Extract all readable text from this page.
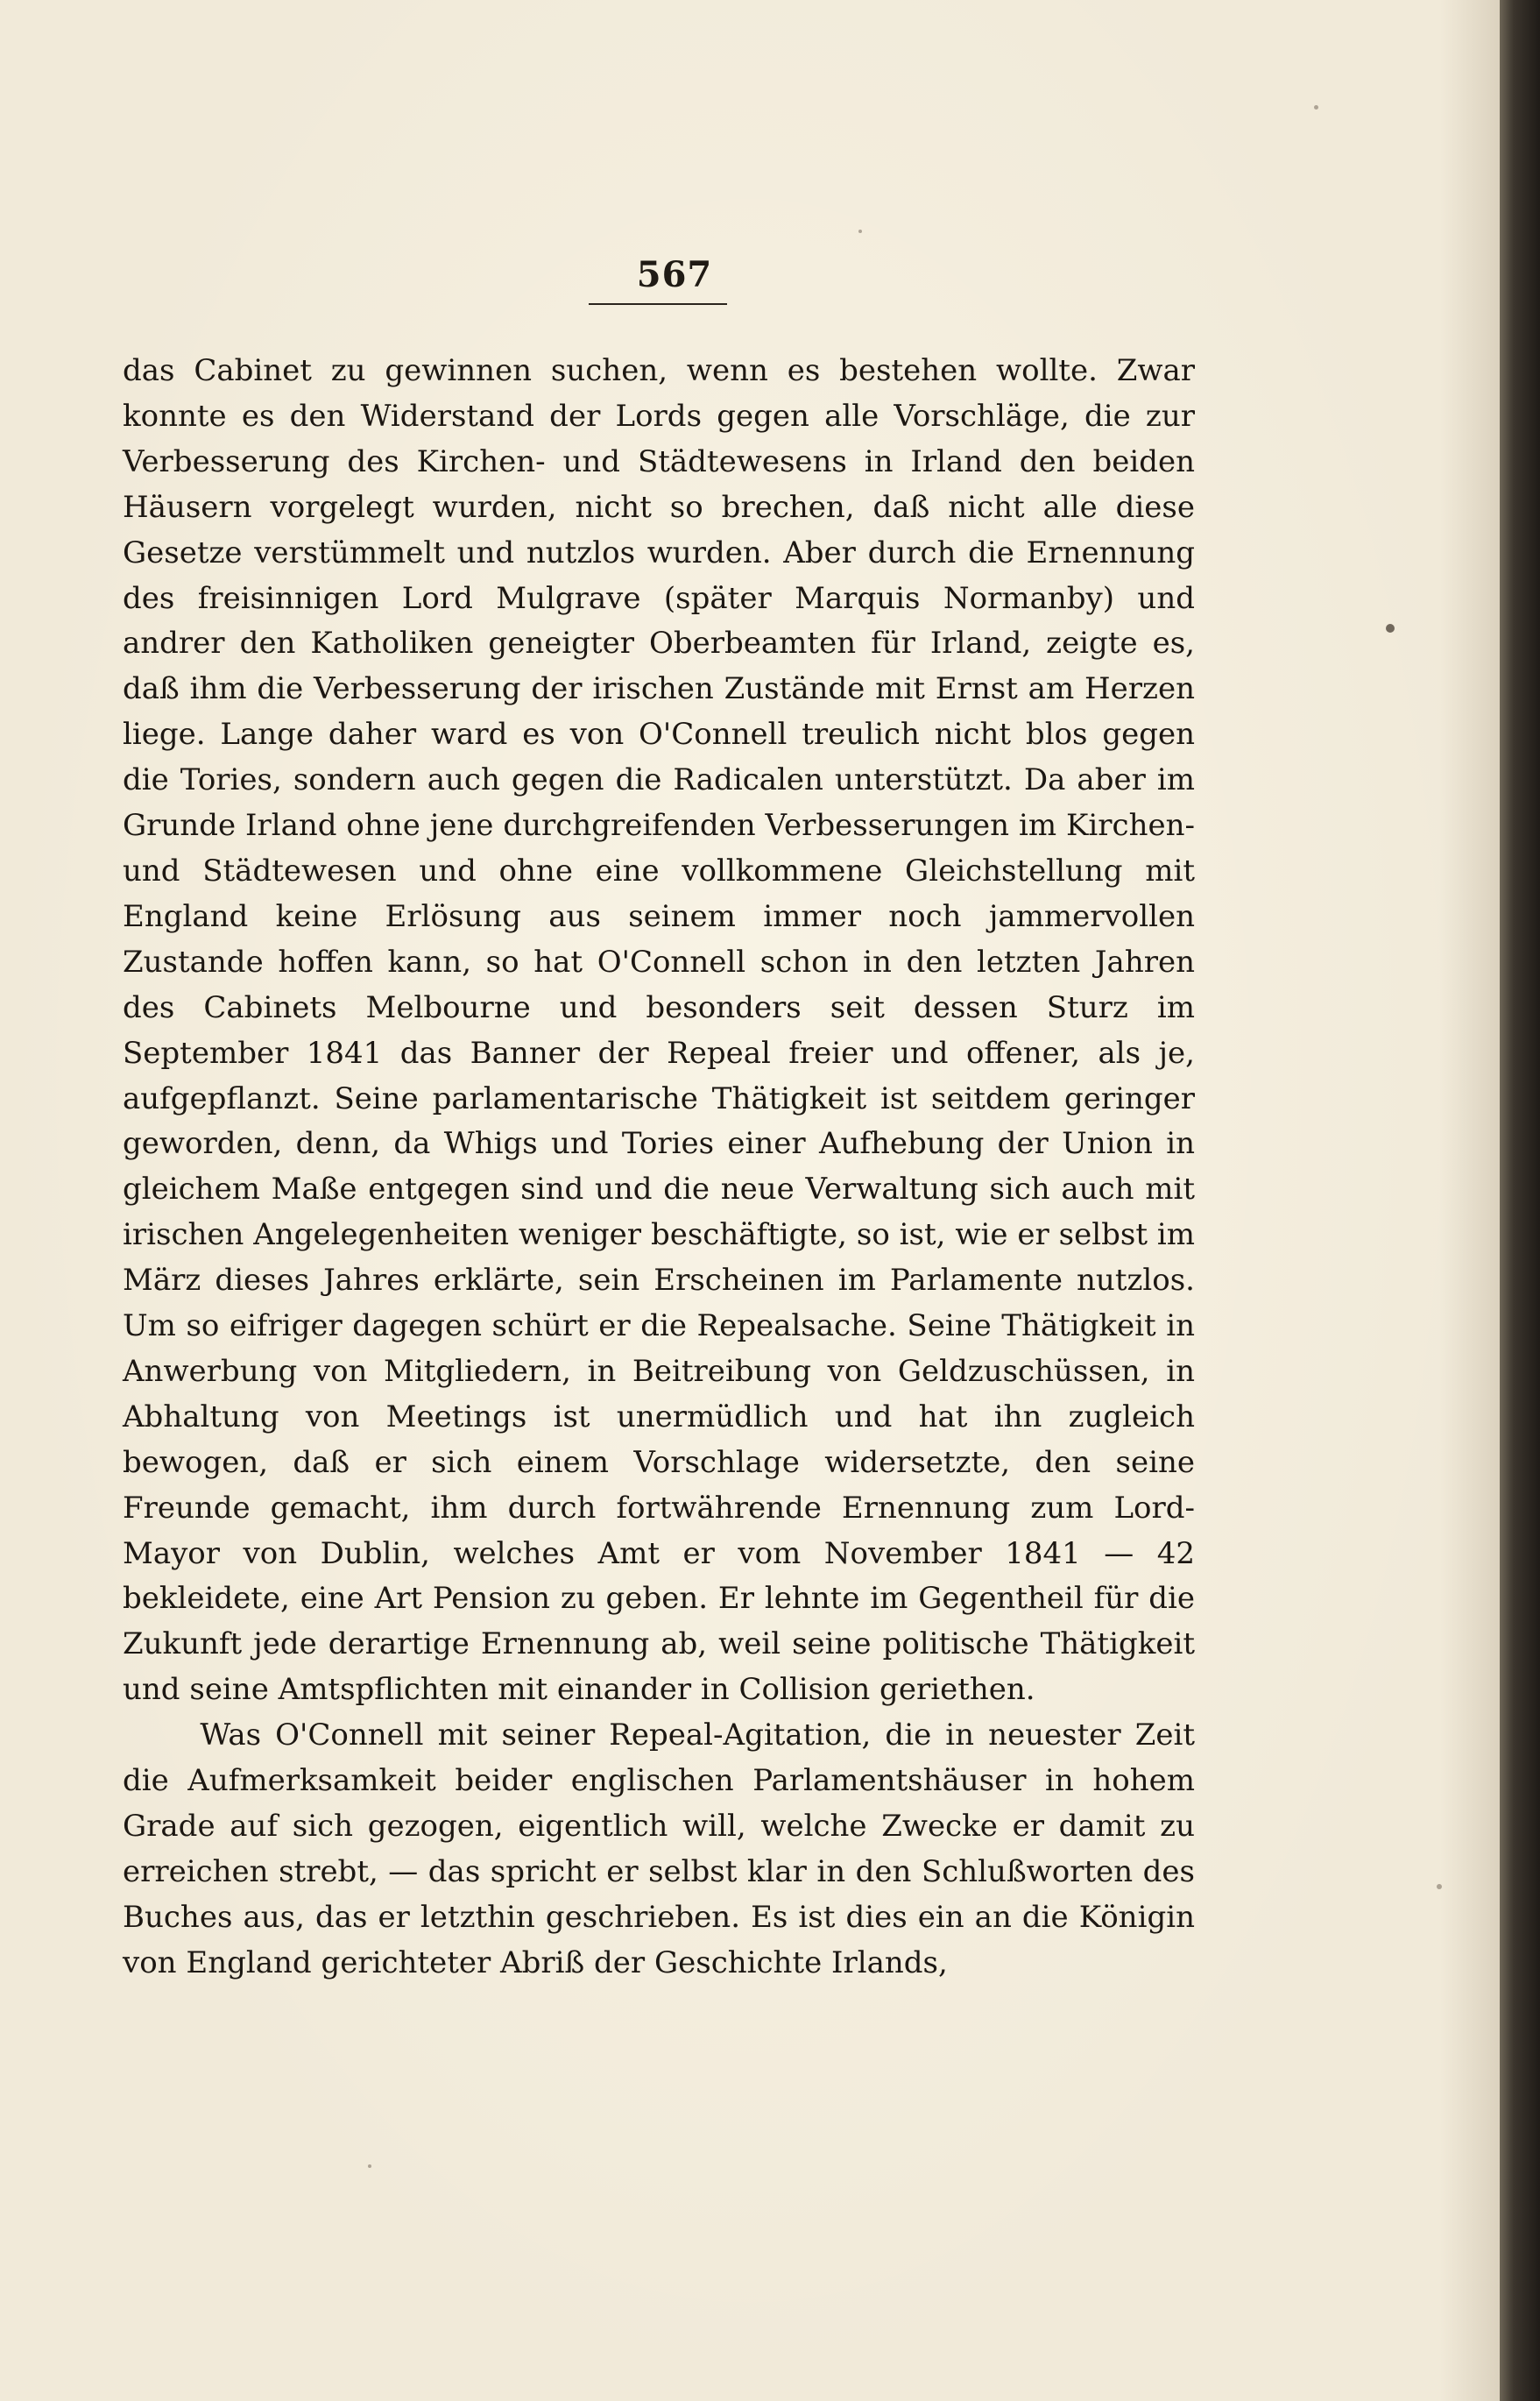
567

das Cabinet zu gewinnen suchen, wenn es bestehen wollte. Zwar konnte es den Widerstand der Lords gegen alle Vorschläge, die zur Verbesserung des Kirchen- und Städtewesens in Irland den beiden Häusern vorgelegt wurden, nicht so brechen, daß nicht alle diese Gesetze verstümmelt und nutzlos wurden. Aber durch die Ernennung des freisinnigen Lord Mulgrave (später Marquis Normanby) und andrer den Katholiken geneigter Oberbeamten für Irland, zeigte es, daß ihm die Verbesserung der irischen Zustände mit Ernst am Herzen liege. Lange daher ward es von O'Connell treulich nicht blos gegen die Tories, sondern auch gegen die Radicalen unterstützt. Da aber im Grunde Irland ohne jene durchgreifenden Verbesserungen im Kirchen- und Städtewesen und ohne eine vollkommene Gleichstellung mit England keine Erlösung aus seinem immer noch jammervollen Zustande hoffen kann, so hat O'Connell schon in den letzten Jahren des Cabinets Melbourne und besonders seit dessen Sturz im September 1841 das Banner der Repeal freier und offener, als je, aufgepflanzt. Seine parlamentarische Thätigkeit ist seitdem geringer geworden, denn, da Whigs und Tories einer Aufhebung der Union in gleichem Maße entgegen sind und die neue Verwaltung sich auch mit irischen Angelegenheiten weniger beschäftigte, so ist, wie er selbst im März dieses Jahres erklärte, sein Erscheinen im Parlamente nutzlos. Um so eifriger dagegen schürt er die Repealsache. Seine Thätigkeit in Anwerbung von Mitgliedern, in Beitreibung von Geldzuschüssen, in Abhaltung von Meetings ist unermüdlich und hat ihn zugleich bewogen, daß er sich einem Vorschlage widersetzte, den seine Freunde gemacht, ihm durch fortwährende Ernennung zum Lord-Mayor von Dublin, welches Amt er vom November 1841 — 42 bekleidete, eine Art Pension zu geben. Er lehnte im Gegentheil für die Zukunft jede derartige Ernennung ab, weil seine politische Thätigkeit und seine Amtspflichten mit einander in Collision geriethen.

Was O'Connell mit seiner Repeal-Agitation, die in neuester Zeit die Aufmerksamkeit beider englischen Parlamentshäuser in hohem Grade auf sich gezogen, eigentlich will, welche Zwecke er damit zu erreichen strebt, — das spricht er selbst klar in den Schlußworten des Buches aus, das er letzthin geschrieben. Es ist dies ein an die Königin von England gerichteter Abriß der Geschichte Irlands,
